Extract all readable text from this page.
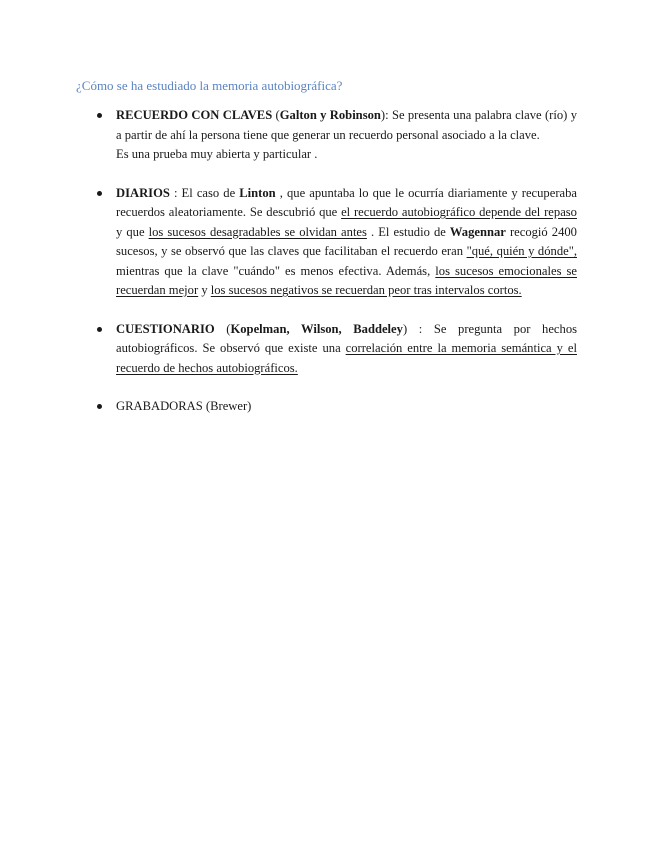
¿Cómo se ha estudiado la memoria autobiográfica?

RECUERDO CON CLAVES (Galton y Robinson): Se presenta una palabra clave (río) y a partir de ahí la persona tiene que generar un recuerdo personal asociado a la clave.

Es una prueba muy abierta y particular .

DIARIOS : El caso de Linton , que apuntaba lo que le ocurría diariamente y recuperaba recuerdos aleatoriamente. Se descubrió que el recuerdo autobiográfico depende del repaso y que los sucesos desagradables se olvidan antes . El estudio de Wagennar recogió 2400 sucesos, y se observó que las claves que facilitaban el recuerdo eran "qué, quién y dónde", mientras que la clave "cuándo" es menos efectiva. Además, los sucesos emocionales se recuerdan mejor y los sucesos negativos se recuerdan peor tras intervalos cortos.

CUESTIONARIO (Kopelman, Wilson, Baddeley) : Se pregunta por hechos autobiográficos. Se observó que existe una correlación entre la memoria semántica y el recuerdo de hechos autobiográficos.

GRABADORAS (Brewer)
